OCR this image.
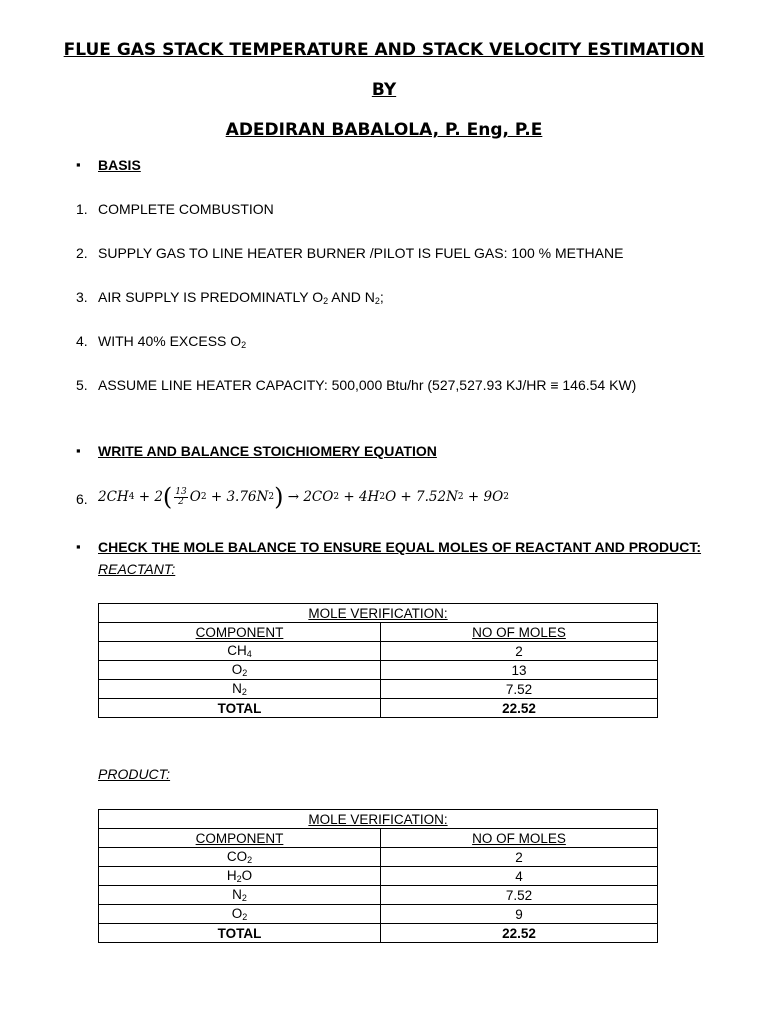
FLUE GAS STACK TEMPERATURE AND STACK VELOCITY ESTIMATION
BY
ADEDIRAN BABALOLA, P. Eng, P.E
▪ BASIS
1. COMPLETE COMBUSTION
2. SUPPLY GAS TO LINE HEATER BURNER /PILOT IS FUEL GAS: 100 % METHANE
3. AIR SUPPLY IS PREDOMINATLY $O_2$ AND $N_2$;
4. WITH 40% EXCESS $O_2$
5. ASSUME LINE HEATER CAPACITY: 500,000 Btu/hr (527,527.93 KJ/HR ≡ 146.54 KW)
▪ WRITE AND BALANCE STOICHIOMERY EQUATION
6. 2CH 4 + 2 ( $\frac{13}{2}$ O 2 + 3.76N 2 ) → 2CO 2 + 4H 2 O + 7.52N 2 + 9O 2
▪ CHECK THE MOLE BALANCE TO ENSURE EQUAL MOLES OF REACTANT AND PRODUCT:
REACTANT:
MOLE VERIFICATION:	
COMPONENT	NO OF MOLES
$CH_4$	2
$O_2$	13
$N_2$	7.52
TOTAL	22.52
PRODUCT:
MOLE VERIFICATION:	
COMPONENT	NO OF MOLES
$CO_2$	2
$H_2O$	4
$N_2$	7.52
$O_2$	9
TOTAL	22.52
